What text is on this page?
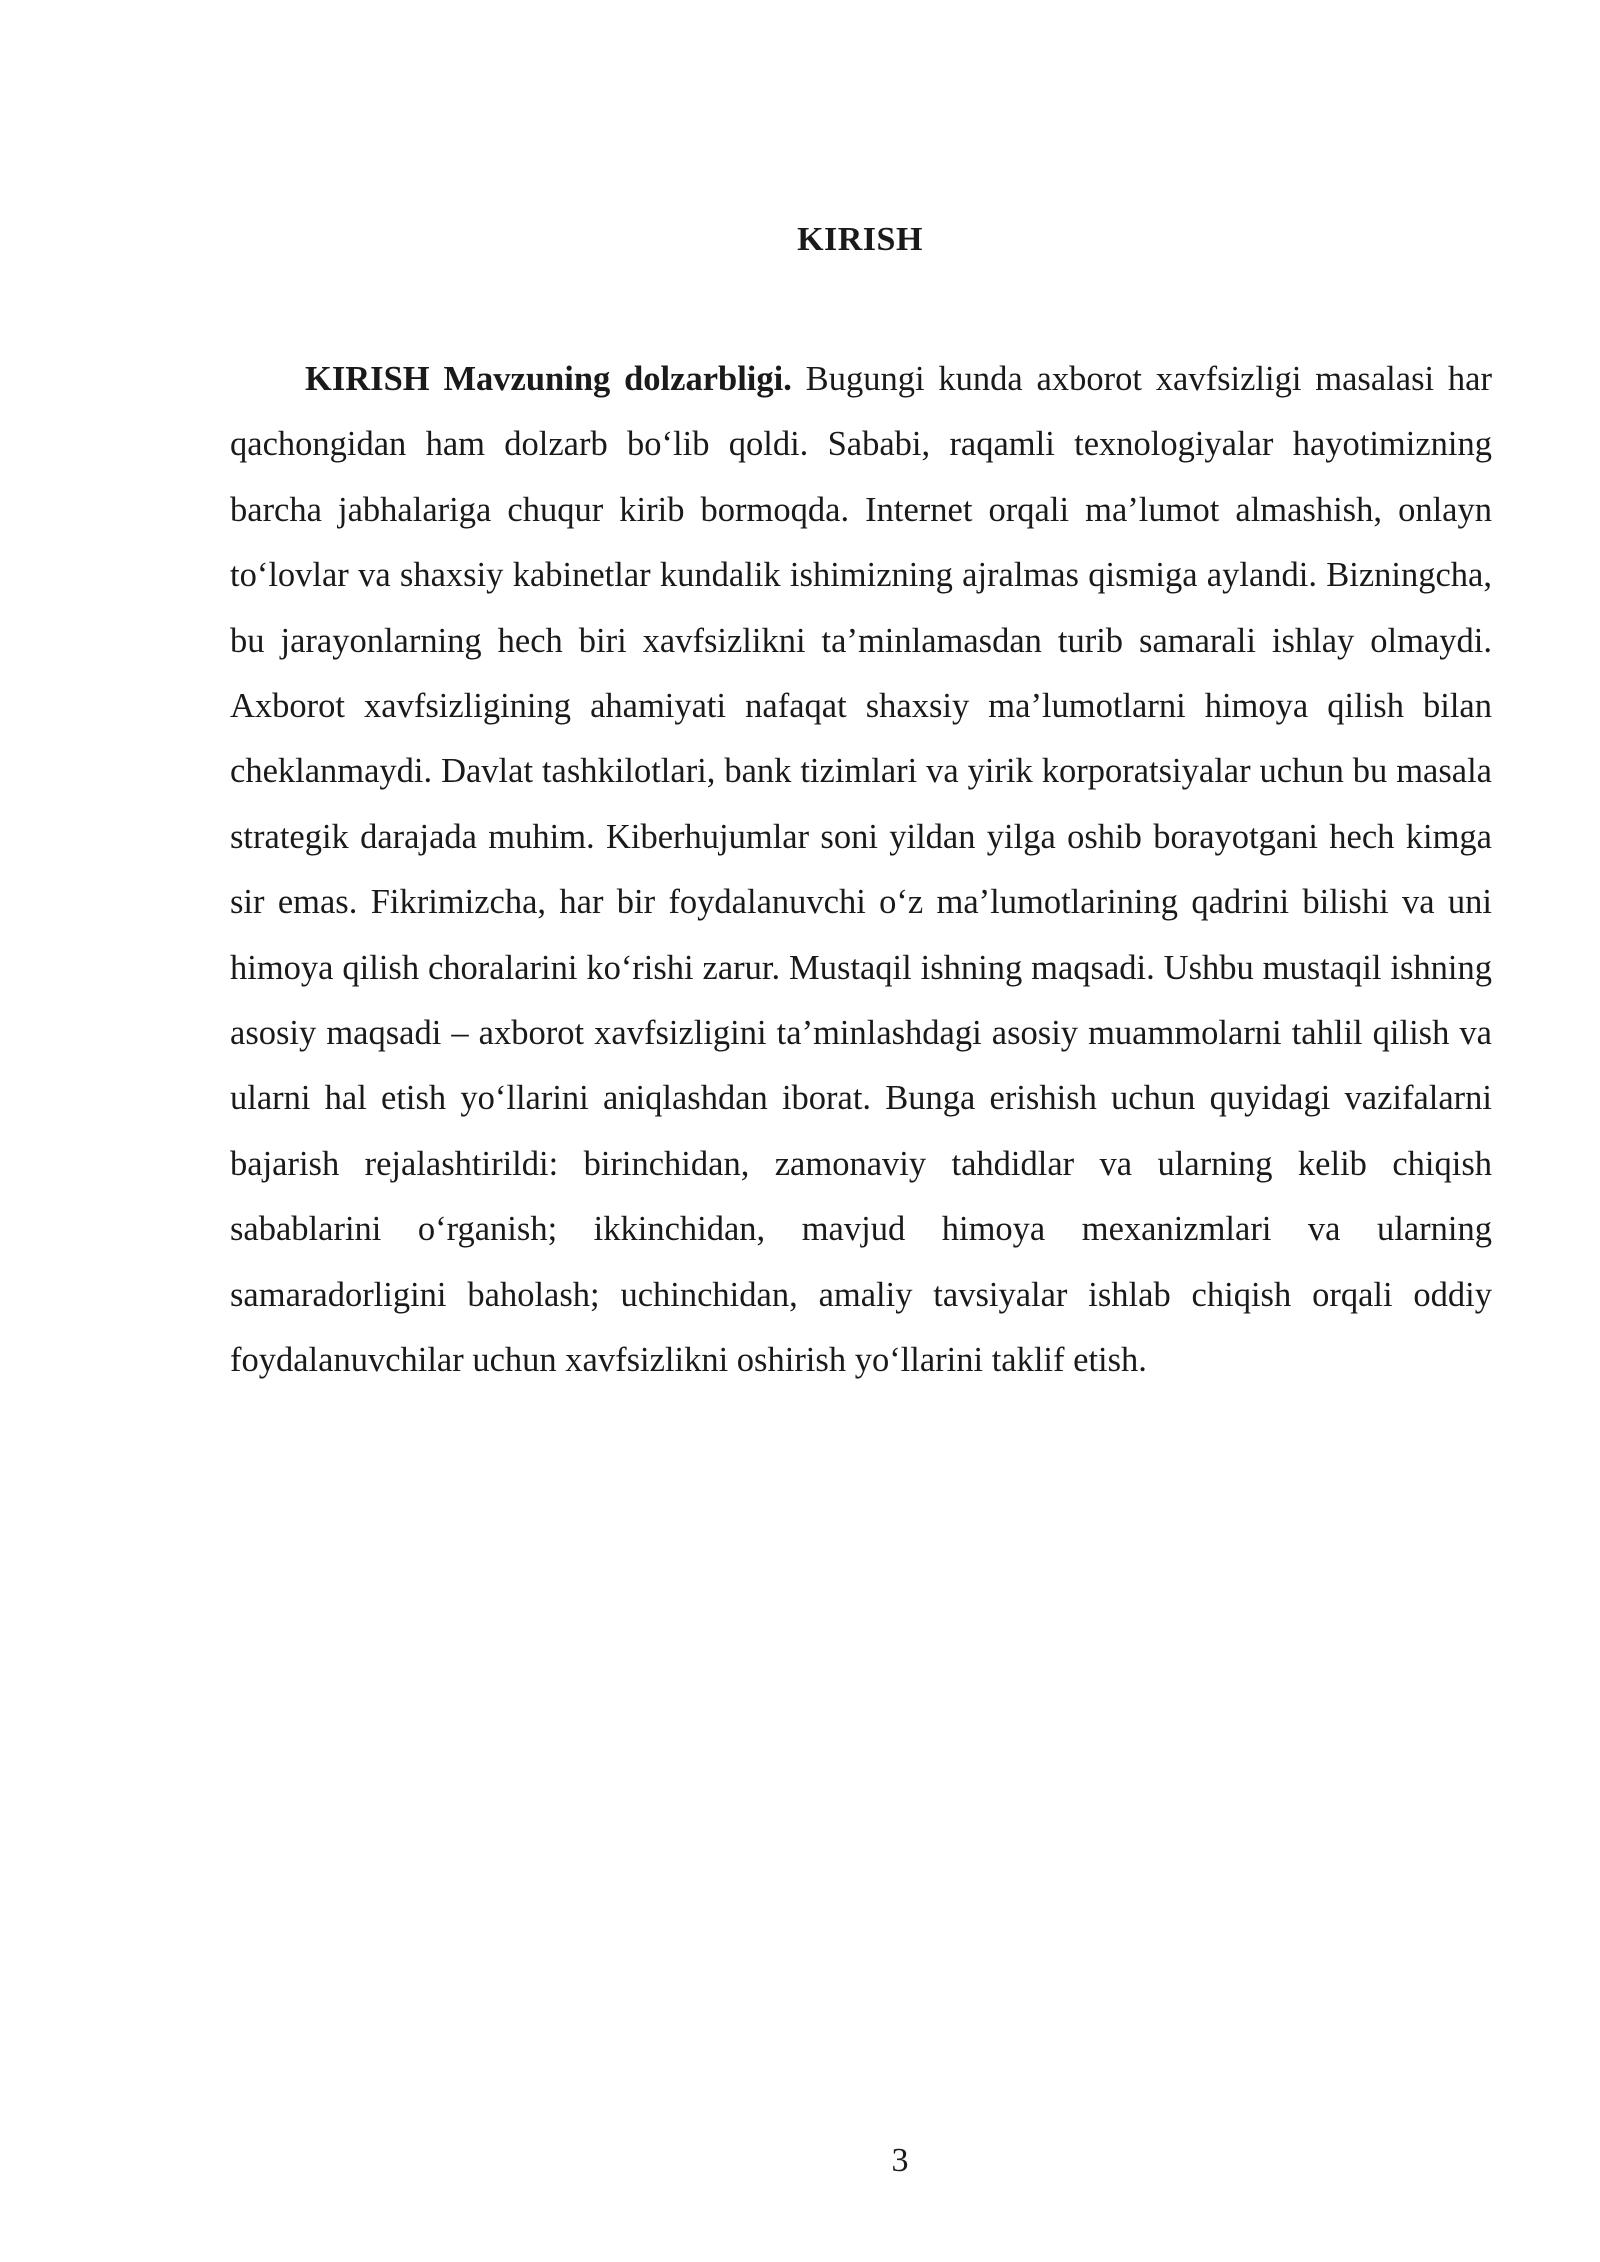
KIRISH

KIRISH Mavzuning dolzarbligi. Bugungi kunda axborot xavfsizligi masalasi har qachongidan ham dolzarb bo‘lib qoldi. Sababi, raqamli texnologiyalar hayotimizning barcha jabhalariga chuqur kirib bormoqda. Internet orqali ma’lumot almashish, onlayn to‘lovlar va shaxsiy kabinetlar kundalik ishimizning ajralmas qismiga aylandi. Bizningcha, bu jarayonlarning hech biri xavfsizlikni ta’minlamasdan turib samarali ishlay olmaydi. Axborot xavfsizligining ahamiyati nafaqat shaxsiy ma’lumotlarni himoya qilish bilan cheklanmaydi. Davlat tashkilotlari, bank tizimlari va yirik korporatsiyalar uchun bu masala strategik darajada muhim. Kiberhujumlar soni yildan yilga oshib borayotgani hech kimga sir emas. Fikrimizcha, har bir foydalanuvchi o‘z ma’lumotlarining qadrini bilishi va uni himoya qilish choralarini ko‘rishi zarur. Mustaqil ishning maqsadi. Ushbu mustaqil ishning asosiy maqsadi – axborot xavfsizligini ta’minlashdagi asosiy muammolarni tahlil qilish va ularni hal etish yo‘llarini aniqlashdan iborat. Bunga erishish uchun quyidagi vazifalarni bajarish rejalashtirildi: birinchidan, zamonaviy tahdidlar va ularning kelib chiqish sabablarini o‘rganish; ikkinchidan, mavjud himoya mexanizmlari va ularning samaradorligini baholash; uchinchidan, amaliy tavsiyalar ishlab chiqish orqali oddiy foydalanuvchilar uchun xavfsizlikni oshirish yo‘llarini taklif etish.

3
